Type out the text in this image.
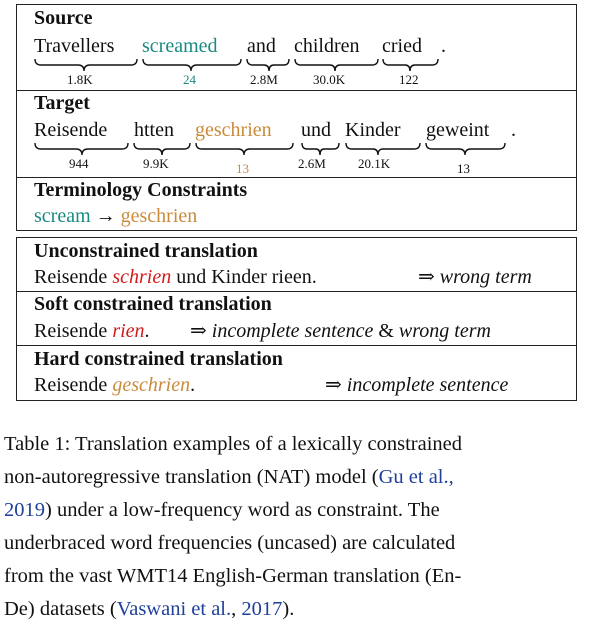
Source
Travellers screamed and children cried .
1.8K	24	2.8M	30.0K	122
Target
Reisende htten geschrien und Kinder geweint .
944	9.9K	13	2.6M 20.1K	13
Terminology Constraints
scream → geschrien
Unconstrained translation
Reisende schrien und Kinder rieen.	⇒ wrong term
Soft constrained translation
Reisende rien. ⇒ incomplete sentence & wrong term
Hard constrained translation
Reisende geschrien.	⇒ incomplete sentence
Table 1: Translation examples of a lexically constrained
non-autoregressive translation (NAT) model (Gu et al.,
2019) under a low-frequency word as constraint. The
underbraced word frequencies (uncased) are calculated
from the vast WMT14 English-German translation (En-
De) datasets (Vaswani et al., 2017).
